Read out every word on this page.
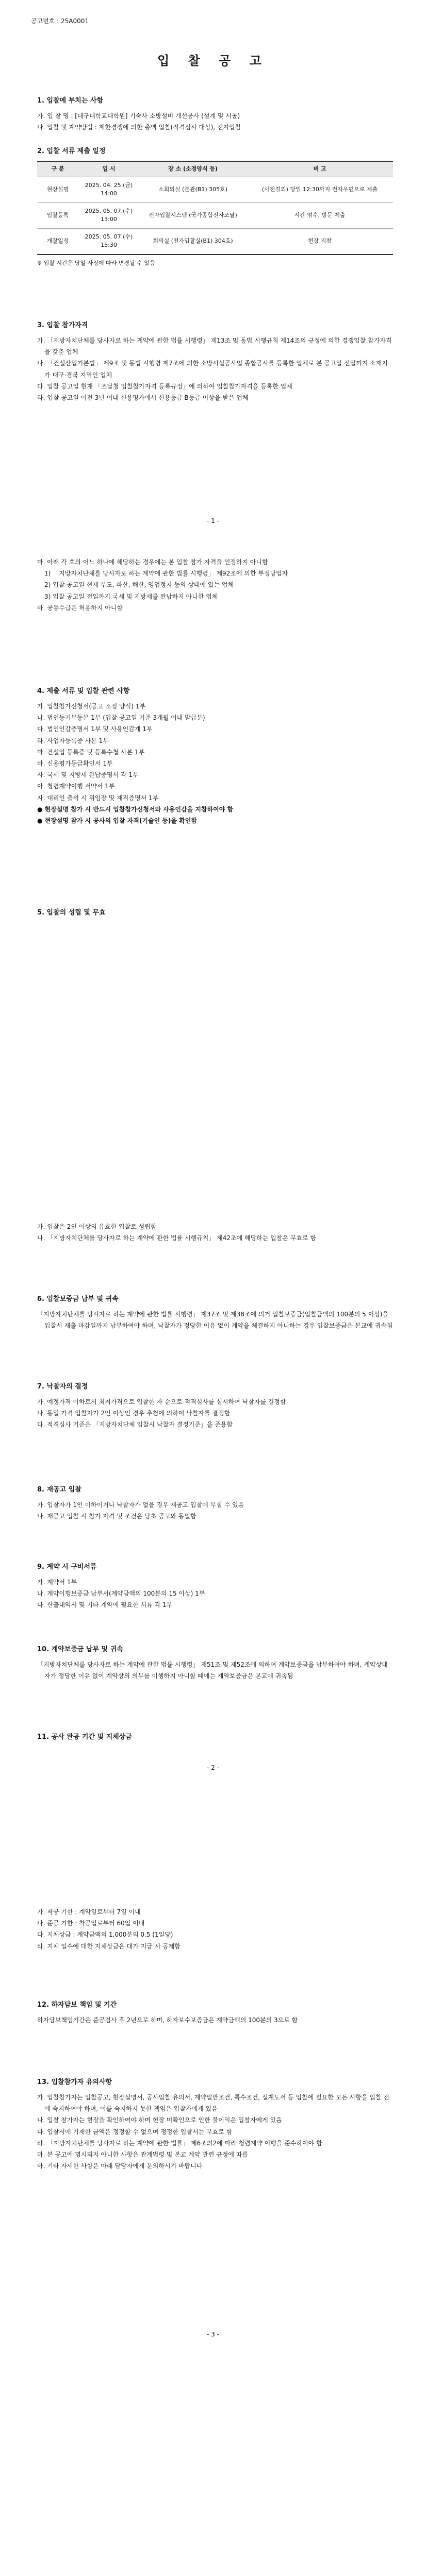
공고번호 : 25A0001
입 찰 공 고
1. 입찰에 부치는 사항
가. 입 찰 명 : [대구대학교대학원] 기숙사 소방설비 개선공사 (설계 및 시공)
나. 입찰 및 계약방법 : 제한경쟁에 의한 총액 입찰(적격심사 대상), 전자입찰
2. 입찰 서류 제출 일정
구 분	일 시	장 소 (소정양식 등)	비 고
현장설명	2025. 04. 25.(금) 14:00	소회의실 (본관(B1) 305호)	(사전질의) 당일 12:30까지 전자우편으로 제출
입찰등록	2025. 05. 07.(수) 13:00	전자입찰시스템 (국가종합전자조달)	시간 엄수, 방문 제출
개찰일정	2025. 05. 07.(수) 15:30	회의실 (전자입찰실(B1) 304호)	현장 지참
※ 입찰 시간은 당일 사정에 따라 변경될 수 있음
3. 입찰 참가자격
가. 「지방자치단체를 당사자로 하는 계약에 관한 법률 시행령」 제13조 및 동법 시행규칙 제14조의 규정에 의한 경쟁입찰 참가자격을 갖춘 업체
나. 「건설산업기본법」 제9조 및 동법 시행령 제7조에 의한 소방시설공사업 종합공사를 등록한 업체로 본 공고일 전일까지 소재지가 대구·경북 지역인 업체
다. 입찰 공고일 현재 「조달청 입찰참가자격 등록규정」에 의하여 입찰참가자격을 등록한 업체
라. 입찰 공고일 이전 3년 이내 신용평가에서 신용등급 B등급 이상을 받은 업체
- 1 -
마. 아래 각 호의 어느 하나에 해당하는 경우에는 본 입찰 참가 자격을 인정하지 아니함
1) 「지방자치단체를 당사자로 하는 계약에 관한 법률 시행령」 제92조에 의한 부정당업자
2) 입찰 공고일 현재 부도, 파산, 해산, 영업정지 등의 상태에 있는 업체
3) 입찰 공고일 전일까지 국세 및 지방세를 완납하지 아니한 업체
바. 공동수급은 허용하지 아니함
4. 제출 서류 및 입찰 관련 사항
가. 입찰참가신청서(공고 소정 양식) 1부
나. 법인등기부등본 1부 (입찰 공고일 기준 3개월 이내 발급분)
다. 법인인감증명서 1부 및 사용인감계 1부
라. 사업자등록증 사본 1부
마. 건설업 등록증 및 등록수첩 사본 1부
바. 신용평가등급확인서 1부
사. 국세 및 지방세 완납증명서 각 1부
아. 청렴계약이행 서약서 1부
자. 대리인 출석 시 위임장 및 재직증명서 1부
● 현장설명 참가 시 반드시 입찰참가신청서와 사용인감을 지참하여야 함
● 현장설명 참가 시 공사의 입찰 자격(기술인 등)을 확인함
5. 입찰의 성립 및 무효
가. 입찰은 2인 이상의 유효한 입찰로 성립함
나. 「지방자치단체를 당사자로 하는 계약에 관한 법률 시행규칙」 제42조에 해당하는 입찰은 무효로 함
6. 입찰보증금 납부 및 귀속
「지방자치단체를 당사자로 하는 계약에 관한 법률 시행령」 제37조 및 제38조에 의거 입찰보증금(입찰금액의 100분의 5 이상)을 입찰서 제출 마감일까지 납부하여야 하며, 낙찰자가 정당한 이유 없이 계약을 체결하지 아니하는 경우 입찰보증금은 본교에 귀속됨
7. 낙찰자의 결정
가. 예정가격 이하로서 최저가격으로 입찰한 자 순으로 적격심사를 실시하여 낙찰자를 결정함
나. 동일 가격 입찰자가 2인 이상인 경우 추첨에 의하여 낙찰자를 결정함
다. 적격심사 기준은 「지방자치단체 입찰시 낙찰자 결정기준」을 준용함
8. 재공고 입찰
가. 입찰자가 1인 이하이거나 낙찰자가 없을 경우 재공고 입찰에 부칠 수 있음
나. 재공고 입찰 시 참가 자격 및 조건은 당초 공고와 동일함
9. 계약 시 구비서류
가. 계약서 1부
나. 계약이행보증금 납부서(계약금액의 100분의 15 이상) 1부
다. 산출내역서 및 기타 계약에 필요한 서류 각 1부
10. 계약보증금 납부 및 귀속
「지방자치단체를 당사자로 하는 계약에 관한 법률 시행령」 제51조 및 제52조에 의하여 계약보증금을 납부하여야 하며, 계약상대자가 정당한 이유 없이 계약상의 의무를 이행하지 아니할 때에는 계약보증금은 본교에 귀속됨
11. 공사 완공 기간 및 지체상금
- 2 -
가. 착공 기한 : 계약일로부터 7일 이내
나. 준공 기한 : 착공일로부터 60일 이내
다. 지체상금 : 계약금액의 1,000분의 0.5 (1일당)
라. 지체 일수에 대한 지체상금은 대가 지급 시 공제함
12. 하자담보 책임 및 기간
하자담보책임기간은 준공검사 후 2년으로 하며, 하자보수보증금은 계약금액의 100분의 3으로 함
13. 입찰참가자 유의사항
가. 입찰참가자는 입찰공고, 현장설명서, 공사입찰 유의서, 계약일반조건, 특수조건, 설계도서 등 입찰에 필요한 모든 사항을 입찰 전에 숙지하여야 하며, 이를 숙지하지 못한 책임은 입찰자에게 있음
나. 입찰 참가자는 현장을 확인하여야 하며 현장 미확인으로 인한 불이익은 입찰자에게 있음
다. 입찰서에 기재한 금액은 정정할 수 없으며 정정한 입찰서는 무효로 함
라. 「지방자치단체를 당사자로 하는 계약에 관한 법률」 제6조의2에 따라 청렴계약 이행을 준수하여야 함
마. 본 공고에 명시되지 아니한 사항은 관계법령 및 본교 계약 관련 규정에 따름
바. 기타 자세한 사항은 아래 담당자에게 문의하시기 바랍니다
- 3 -
